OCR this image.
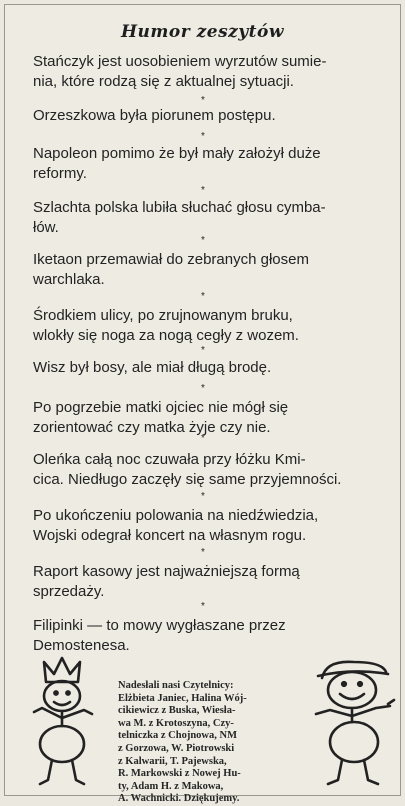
Humor zeszytów
Stańczyk jest uosobieniem wyrzutów sumie-
nia, które rodzą się z aktualnej sytuacji.
*
Orzeszkowa była piorunem postępu.
*
Napoleon pomimo że był mały założył duże
reformy.
*
Szlachta polska lubiła słuchać głosu cymba-
łów.
*
Iketaon przemawiał do zebranych głosem
warchlaka.
*
Środkiem ulicy, po zrujnowanym bruku,
wlokły się noga za nogą cegły z wozem.
*
Wisz był bosy, ale miał długą brodę.
*
Po pogrzebie matki ojciec nie mógł się
zorientować czy matka żyje czy nie.
*
Oleńka całą noc czuwała przy łóżku Kmi-
cica. Niedługo zaczęły się same przyjemności.
*
Po ukończeniu polowania na niedźwiedzia,
Wojski odegrał koncert na własnym rogu.
*
Raport kasowy jest najważniejszą formą
sprzedaży.
*
Filipinki — to mowy wygłaszane przez
Demostenesa.
Nadesłali nasi Czytelnicy:
Elżbieta Janiec, Halina Wój-
cikiewicz z Buska, Wiesła-
wa M. z Krotoszyna, Czy-
telniczka z Chojnowa, NM
z Gorzowa, W. Piotrowski
z Kalwarii, T. Pajewska,
R. Markowski z Nowej Hu-
ty, Adam H. z Makowa,
A. Wachnicki. Dziękujemy.
